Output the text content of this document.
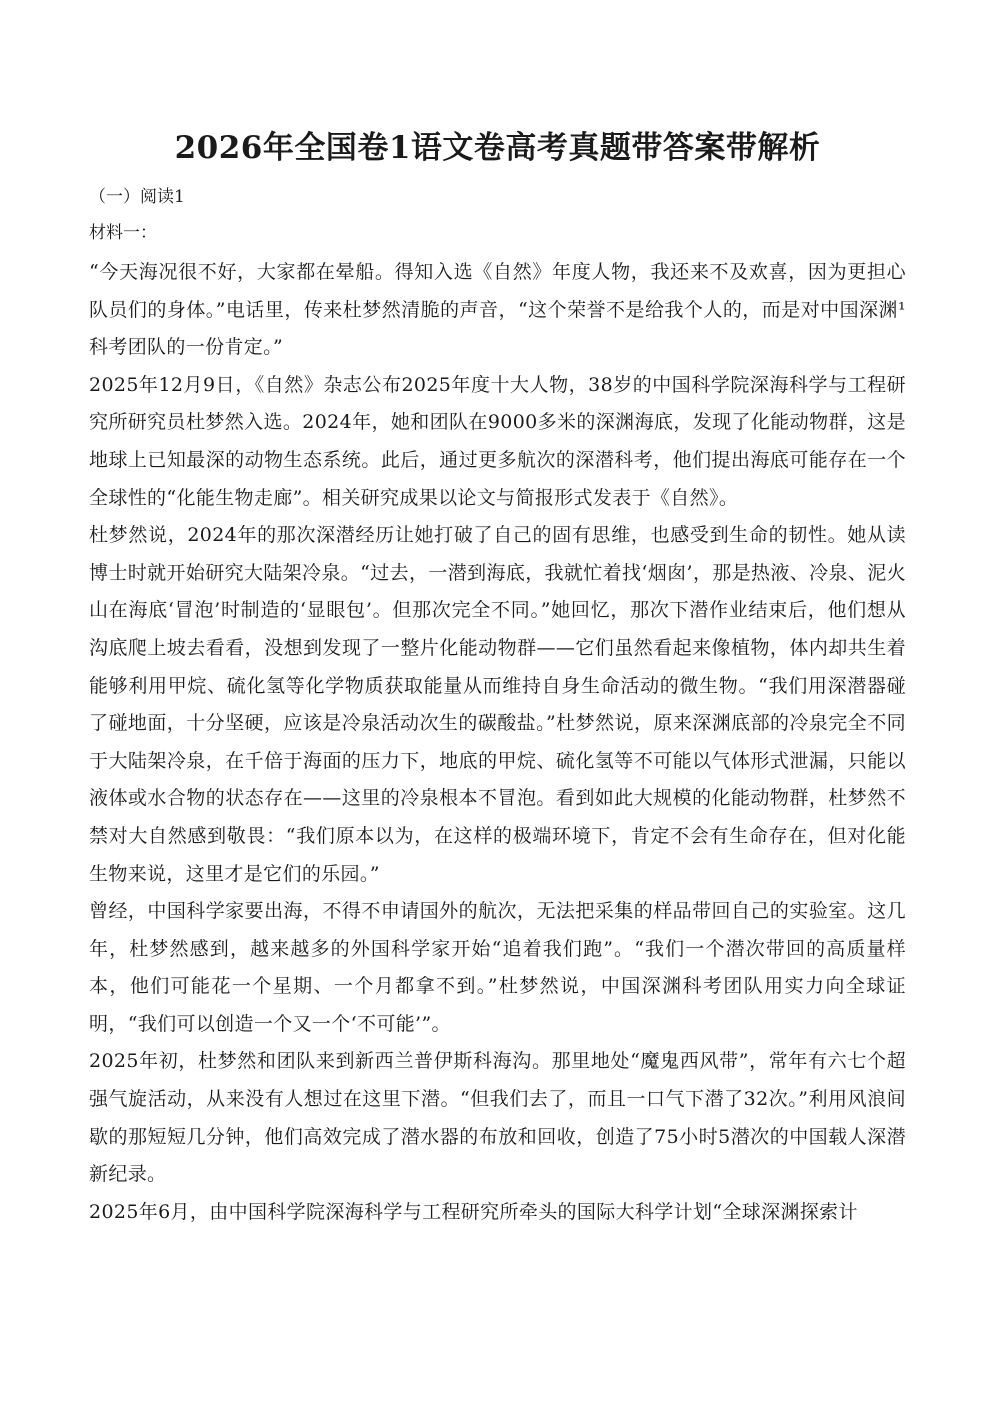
2026年全国卷1语文卷高考真题带答案带解析
（一）阅读1
材料一：

“今天海况很不好，大家都在晕船。得知入选《自然》年度人物，我还来不及欢喜，因为更担心队员们的身体。”电话里，传来杜梦然清脆的声音，“这个荣誉不是给我个人的，而是对中国深渊¹科考团队的一份肯定。”

2025年12月9日，《自然》杂志公布2025年度十大人物，38岁的中国科学院深海科学与工程研究所研究员杜梦然入选。2024年，她和团队在9000多米的深渊海底，发现了化能动物群，这是地球上已知最深的动物生态系统。此后，通过更多航次的深潜科考，他们提出海底可能存在一个全球性的“化能生物走廊”。相关研究成果以论文与简报形式发表于《自然》。

杜梦然说，2024年的那次深潜经历让她打破了自己的固有思维，也感受到生命的韧性。她从读博士时就开始研究大陆架冷泉。“过去，一潜到海底，我就忙着找‘烟囱’，那是热液、冷泉、泥火山在海底‘冒泡’时制造的‘显眼包’。但那次完全不同。”她回忆，那次下潜作业结束后，他们想从沟底爬上坡去看看，没想到发现了一整片化能动物群——它们虽然看起来像植物，体内却共生着能够利用甲烷、硫化氢等化学物质获取能量从而维持自身生命活动的微生物。“我们用深潜器碰了碰地面，十分坚硬，应该是冷泉活动次生的碳酸盐。”杜梦然说，原来深渊底部的冷泉完全不同于大陆架冷泉，在千倍于海面的压力下，地底的甲烷、硫化氢等不可能以气体形式泄漏，只能以液体或水合物的状态存在——这里的冷泉根本不冒泡。看到如此大规模的化能动物群，杜梦然不禁对大自然感到敬畏：“我们原本以为，在这样的极端环境下，肯定不会有生命存在，但对化能生物来说，这里才是它们的乐园。”

曾经，中国科学家要出海，不得不申请国外的航次，无法把采集的样品带回自己的实验室。这几年，杜梦然感到，越来越多的外国科学家开始“追着我们跑”。“我们一个潜次带回的高质量样本，他们可能花一个星期、一个月都拿不到。”杜梦然说，中国深渊科考团队用实力向全球证明，“我们可以创造一个又一个‘不可能’”。

2025年初，杜梦然和团队来到新西兰普伊斯科海沟。那里地处“魔鬼西风带”，常年有六七个超强气旋活动，从来没有人想过在这里下潜。“但我们去了，而且一口气下潜了32次。”利用风浪间歇的那短短几分钟，他们高效完成了潜水器的布放和回收，创造了75小时5潜次的中国载人深潜新纪录。

2025年6月，由中国科学院深海科学与工程研究所牵头的国际大科学计划“全球深渊探索计
